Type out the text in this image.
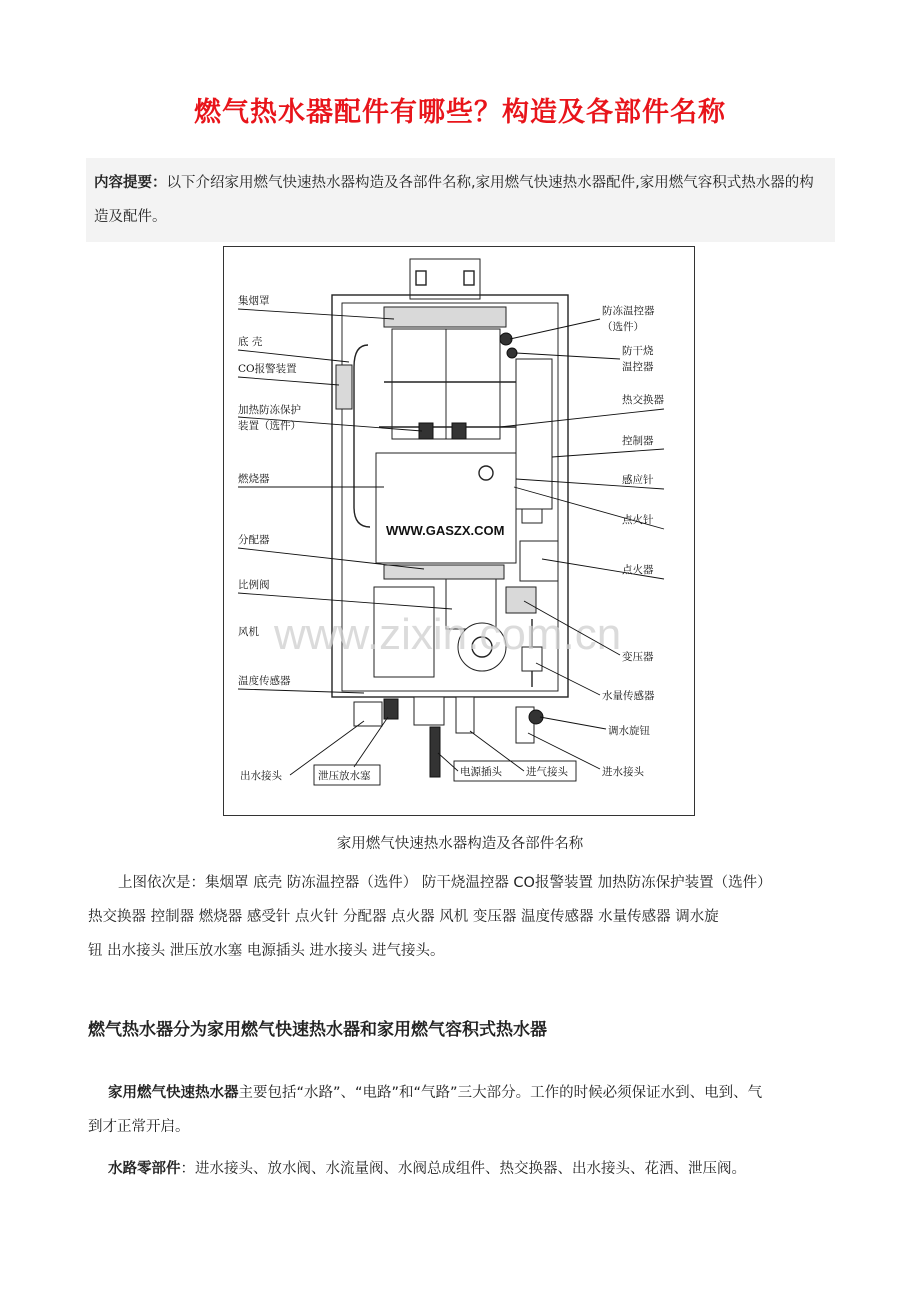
燃气热水器配件有哪些？构造及各部件名称
内容提要：以下介绍家用燃气快速热水器构造及各部件名称,家用燃气快速热水器配件,家用燃气容积式热水器的构造及配件。
WWW.GASZX.COM
www.zixin.com.cn
集烟罩
底 壳
CO报警装置
加热防冻保护
装置（选件）
燃烧器
分配器
比例阀
风机
温度传感器
防冻温控器
（选件）
防干烧
温控器
热交换器
控制器
感应针
点火针
点火器
变压器
水量传感器
调水旋钮
进水接头
出水接头	泄压放水塞	电源插头 进气接头
家用燃气快速热水器构造及各部件名称
上图依次是：集烟罩 底壳 防冻温控器（选件） 防干烧温控器 CO报警装置 加热防冻保护装置（选件）
热交换器 控制器 燃烧器 感受针 点火针 分配器 点火器 风机 变压器 温度传感器 水量传感器 调水旋
钮 出水接头 泄压放水塞 电源插头 进水接头 进气接头。
燃气热水器分为家用燃气快速热水器和家用燃气容积式热水器
家用燃气快速热水器主要包括“水路”、“电路”和“气路”三大部分。工作的时候必须保证水到、电到、气
到才正常开启。
水路零部件：进水接头、放水阀、水流量阀、水阀总成组件、热交换器、出水接头、花洒、泄压阀。
